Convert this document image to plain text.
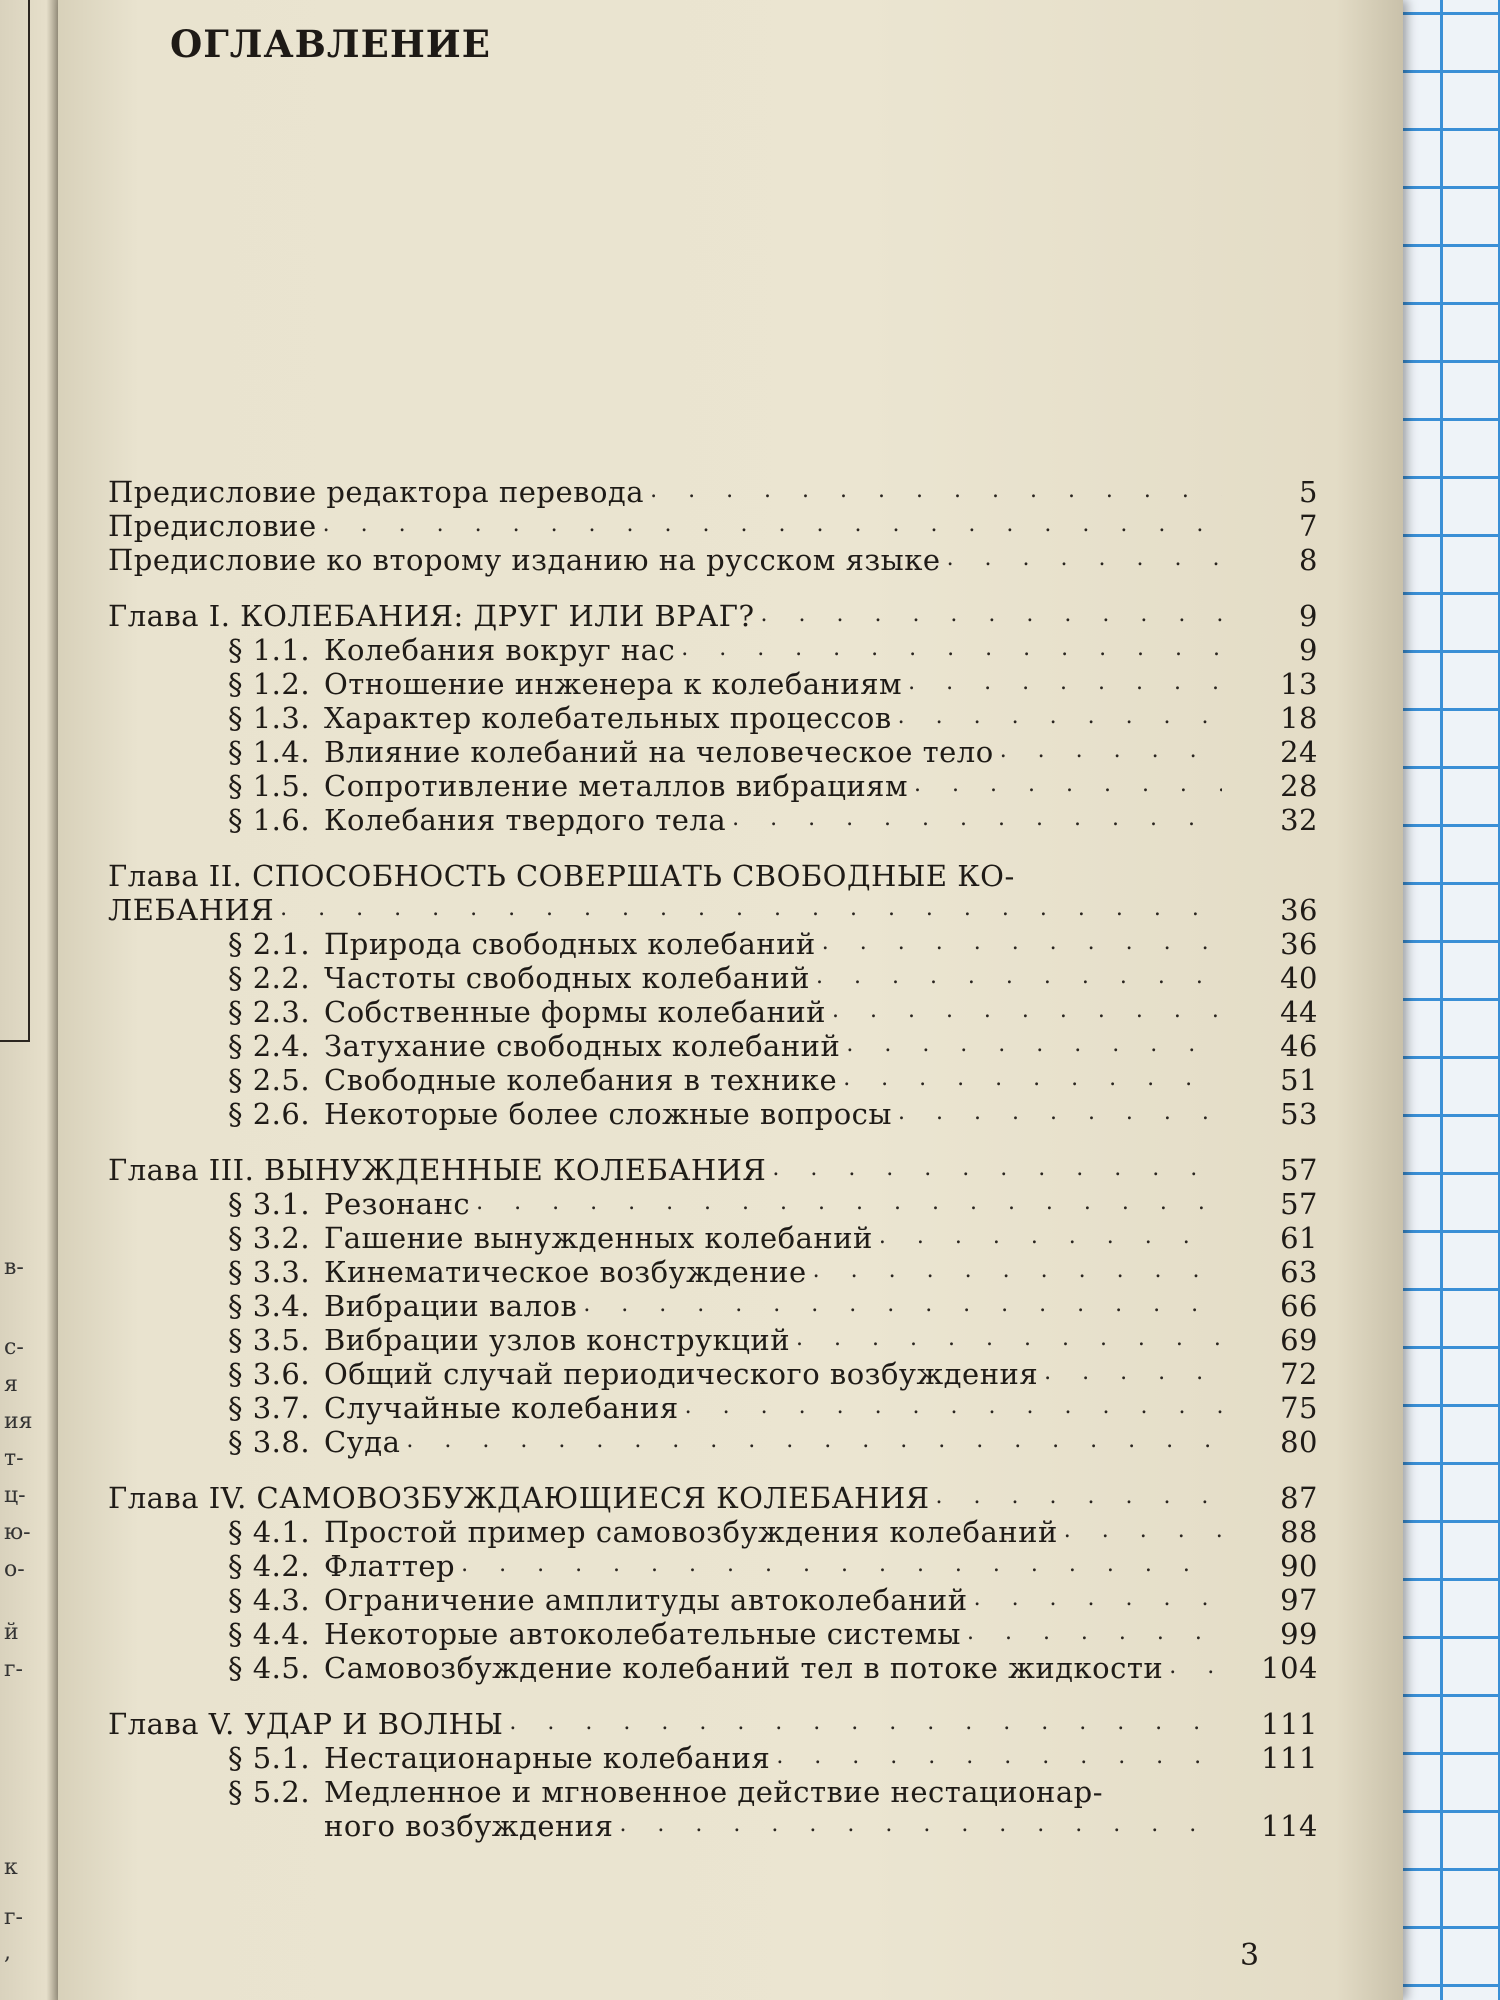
в-
с-
я
ия
т-
ц-
ю-
о-
й
г-
к
г-
,
ОГЛАВЛЕНИЕ
Предисловие редактора перевода . . .	5
Предисловие . . .	7
Предисловие ко второму изданию на русском языке . . .	8
Глава I. КОЛЕБАНИЯ: ДРУГ ИЛИ ВРАГ? . . .	9
§ 1.1. Колебания вокруг нас . . .	9
§ 1.2. Отношение инженера к колебаниям . . .	13
§ 1.3. Характер колебательных процессов . . .	18
§ 1.4. Влияние колебаний на человеческое тело . . .	24
§ 1.5. Сопротивление металлов вибрациям . . .	28
§ 1.6. Колебания твердого тела . . .	32
Глава II. СПОСОБНОСТЬ СОВЕРШАТЬ СВОБОДНЫЕ КО-
ЛЕБАНИЯ . . .	36
§ 2.1. Природа свободных колебаний . . .	36
§ 2.2. Частоты свободных колебаний . . .	40
§ 2.3. Собственные формы колебаний . . .	44
§ 2.4. Затухание свободных колебаний . . .	46
§ 2.5. Свободные колебания в технике . . .	51
§ 2.6. Некоторые более сложные вопросы . . .	53
Глава III. ВЫНУЖДЕННЫЕ КОЛЕБАНИЯ . . .	57
§ 3.1. Резонанс . . .	57
§ 3.2. Гашение вынужденных колебаний . . .	61
§ 3.3. Кинематическое возбуждение . . .	63
§ 3.4. Вибрации валов . . .	66
§ 3.5. Вибрации узлов конструкций . . .	69
§ 3.6. Общий случай периодического возбуждения . . .	72
§ 3.7. Случайные колебания . . .	75
§ 3.8. Суда . . .	80
Глава IV. САМОВОЗБУЖДАЮЩИЕСЯ КОЛЕБАНИЯ . . .	87
§ 4.1. Простой пример самовозбуждения колебаний . . .	88
§ 4.2. Флаттер . . .	90
§ 4.3. Ограничение амплитуды автоколебаний . . .	97
§ 4.4. Некоторые автоколебательные системы . . .	99
§ 4.5. Самовозбуждение колебаний тел в потоке жидкости . . .	104
Глава V. УДАР И ВОЛНЫ . . .	111
§ 5.1. Нестационарные колебания . . .	111
§ 5.2. Медленное и мгновенное действие нестационар-
ного возбуждения . . .	114
3
